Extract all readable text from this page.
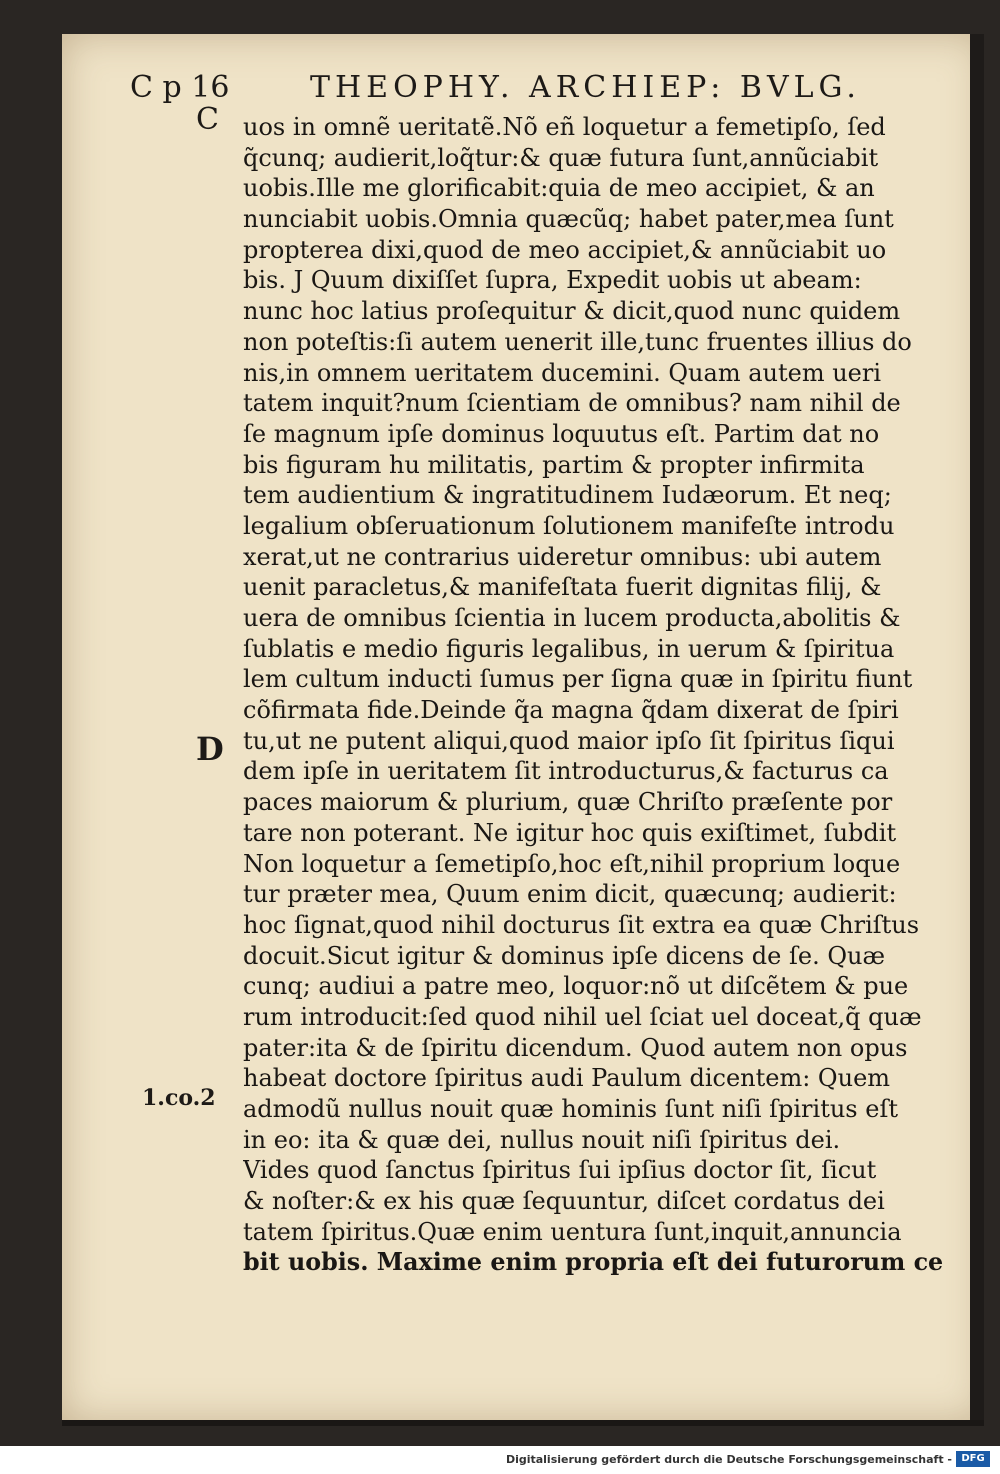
C p 16	THEOPHY. ARCHIEP: BVLG.
C
D
1.co.2
uos in omnẽ ueritatẽ.Nõ eñ loquetur a femetipſo, ſed
q̃cunq; audierit,loq̃tur:& quæ futura ſunt,annũciabit
uobis.Ille me glorificabit:quia de meo accipiet, & an
nunciabit uobis.Omnia quæcũq; habet pater,mea ſunt
propterea dixi,quod de meo accipiet,& annũciabit uo
bis. J Quum dixiſſet ſupra, Expedit uobis ut abeam:
nunc hoc latius proſequitur & dicit,quod nunc quidem
non poteſtis:ſi autem uenerit ille,tunc fruentes illius do
nis,in omnem ueritatem ducemini. Quam autem ueri
tatem inquit?num ſcientiam de omnibus? nam nihil de
ſe magnum ipſe dominus loquutus eſt. Partim dat no
bis figuram hu militatis, partim & propter infirmita
tem audientium & ingratitudinem Iudæorum. Et neq;
legalium obſeruationum ſolutionem manifeſte introdu
xerat,ut ne contrarius uideretur omnibus: ubi autem
uenit paracletus,& manifeſtata fuerit dignitas filij, &
uera de omnibus ſcientia in lucem producta,abolitis &
ſublatis e medio figuris legalibus, in uerum & ſpiritua
lem cultum inducti ſumus per ſigna quæ in ſpiritu fiunt
cõfirmata fide.Deinde q̃a magna q̃dam dixerat de ſpiri
tu,ut ne putent aliqui,quod maior ipſo ſit ſpiritus ſiqui
dem ipſe in ueritatem ſit introducturus,& facturus ca
paces maiorum & plurium, quæ Chriſto præſente por
tare non poterant. Ne igitur hoc quis exiſtimet, ſubdit
Non loquetur a ſemetipſo,hoc eſt,nihil proprium loque
tur præter mea, Quum enim dicit, quæcunq; audierit:
hoc ſignat,quod nihil docturus ſit extra ea quæ Chriſtus
docuit.Sicut igitur & dominus ipſe dicens de ſe. Quæ
cunq; audiui a patre meo, loquor:nõ ut diſcẽtem & pue
rum introducit:ſed quod nihil uel ſciat uel doceat,q̃ quæ
pater:ita & de ſpiritu dicendum. Quod autem non opus
habeat doctore ſpiritus audi Paulum dicentem: Quem
admodũ nullus nouit quæ hominis ſunt niſi ſpiritus eſt
in eo: ita & quæ dei, nullus nouit niſi ſpiritus dei.
Vides quod ſanctus ſpiritus ſui ipſius doctor ſit, ſicut
& noſter:& ex his quæ ſequuntur, diſcet cordatus dei
tatem ſpiritus.Quæ enim uentura ſunt,inquit,annuncia
bit uobis. Maxime enim propria eſt dei futurorum ce
Digitalisierung gefördert durch die Deutsche Forschungsgemeinschaft - DFG
